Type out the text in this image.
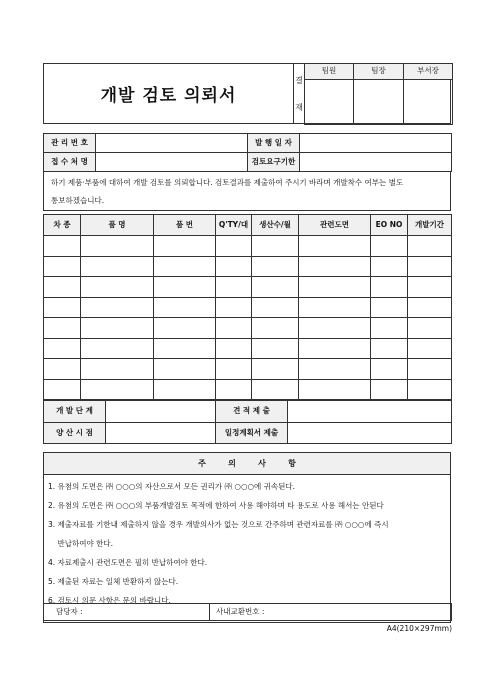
개발 검토 의뢰서
결
재
팀원	팀장	부서장

관 리 번 호		발 행 일 자	
접 수 처 명		검토요구기한	
하기 제품·부품에 대하여 개발 검토를 의뢰합니다. 검토결과를 제출하여 주시기 바라며 개발착수 여부는 별도
통보하겠습니다.
차 종	품 명	품 번	Q'TY/대	생산수/월	관련도면	EO NO	개발기간

개 발 단 계		견 적 제 출	
양 산 시 점		일정계획서 제출	
주        의        사        항
1. 유첨의 도면은 ㈜ ○○○의 자산으로서 모든 권리가 ㈜ ○○○에 귀속된다.
2. 유첨의 도면은 ㈜ ○○○의 부품개발검토 목적에 한하여 사용 해야하며 타 용도로 사용 해서는 안된다
3. 제출자료를 기한내 제출하지 않을 경우 개발의사가 없는 것으로 간주하며 관련자료를 ㈜ ○○○에 즉시
반납하여야 한다.
4. 자료제출시 관련도면은 필히 반납하여야 한다.
5. 제출된 자료는 일체 반환하지 않는다.
6. 검토시 의문 사항은 문의 바랍니다.
담당자 :	사내교환번호 :
A4(210×297mm)
